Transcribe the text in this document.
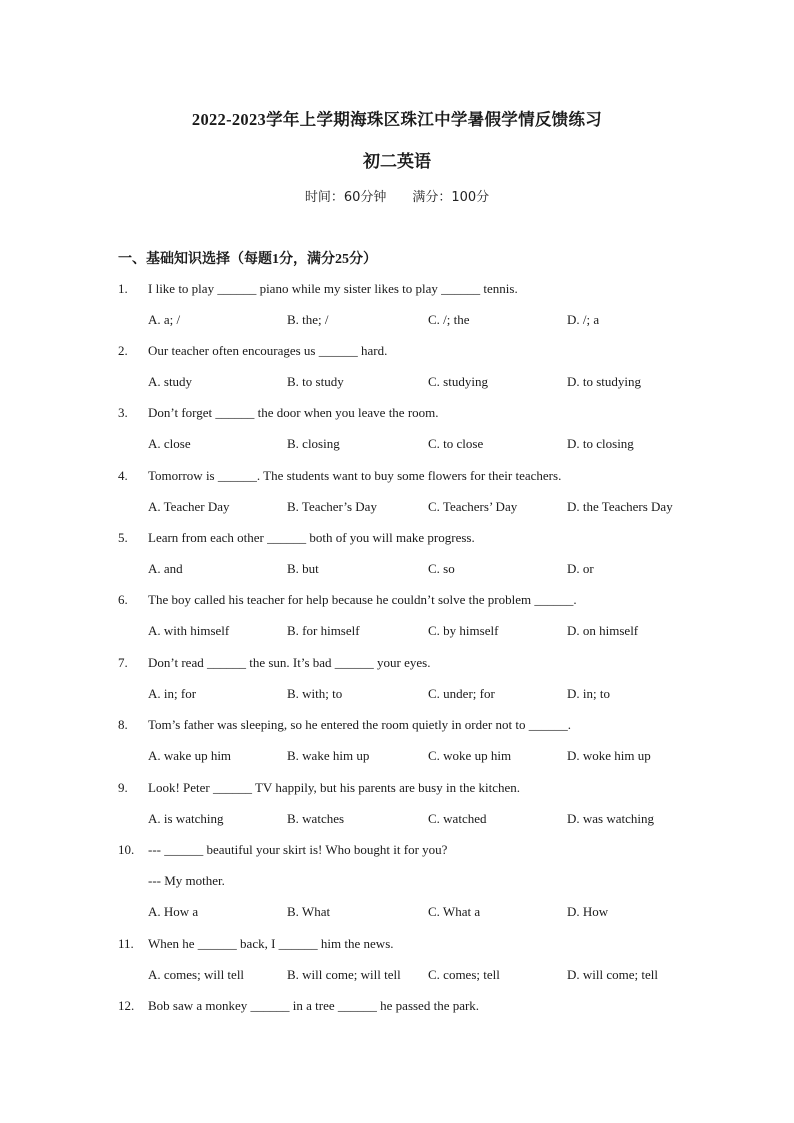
2022-2023学年上学期海珠区珠江中学暑假学情反馈练习
初二英语
时间：60分钟 满分：100分
一、基础知识选择（每题1分，满分25分）
1. I like to play ______ piano while my sister likes to play ______ tennis.
A. a; /	B. the; /	C. /; the	D. /; a
2. Our teacher often encourages us ______ hard.
A. study	B. to study	C. studying	D. to studying
3. Don’t forget ______ the door when you leave the room.
A. close	B. closing	C. to close	D. to closing
4. Tomorrow is ______. The students want to buy some flowers for their teachers.
A. Teacher Day	B. Teacher’s Day	C. Teachers’ Day	D. the Teachers Day
5. Learn from each other ______ both of you will make progress.
A. and	B. but	C. so	D. or
6. The boy called his teacher for help because he couldn’t solve the problem ______.
A. with himself	B. for himself	C. by himself	D. on himself
7. Don’t read ______ the sun. It’s bad ______ your eyes.
A. in; for	B. with; to	C. under; for	D. in; to
8. Tom’s father was sleeping, so he entered the room quietly in order not to ______.
A. wake up him	B. wake him up	C. woke up him	D. woke him up
9. Look! Peter ______ TV happily, but his parents are busy in the kitchen.
A. is watching	B. watches	C. watched	D. was watching
10. --- ______ beautiful your skirt is! Who bought it for you?
--- My mother.
A. How a	B. What	C. What a	D. How
11. When he ______ back, I ______ him the news.
A. comes; will tell	B. will come; will tell C. comes; tell	D. will come; tell
12. Bob saw a monkey ______ in a tree ______ he passed the park.
